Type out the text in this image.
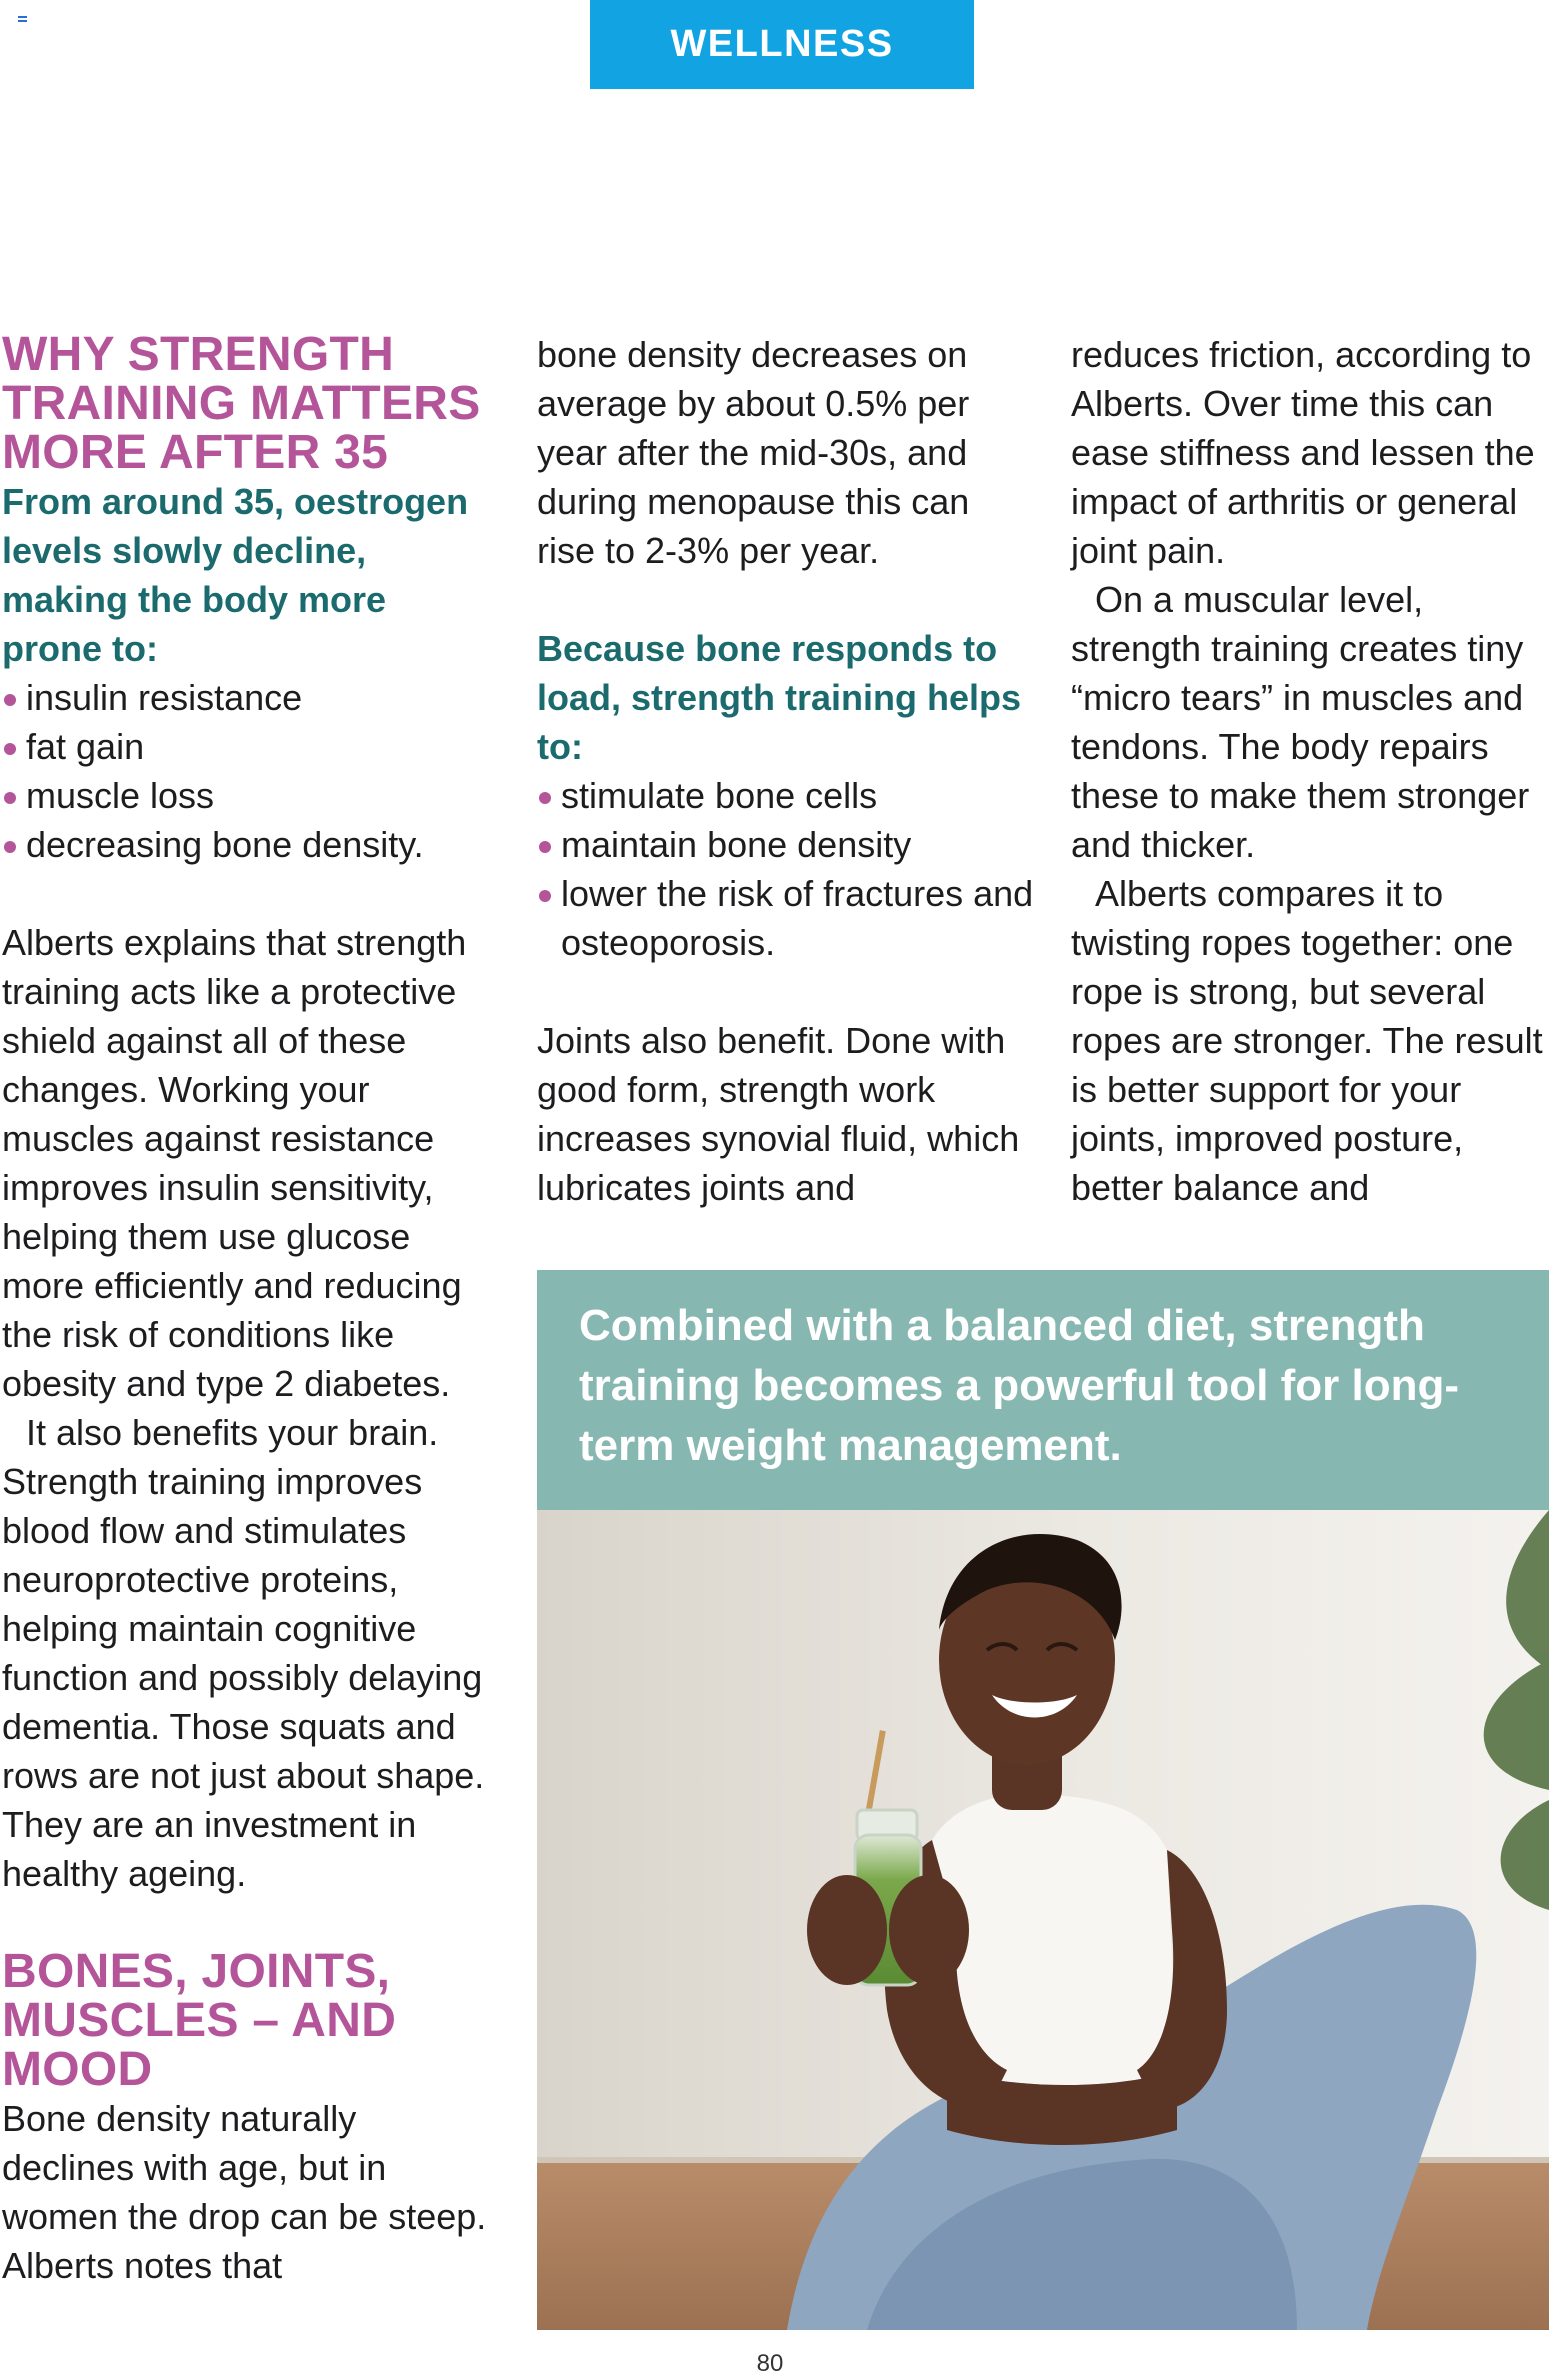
WELLNESS
WHY STRENGTH TRAINING MATTERS MORE AFTER 35

From around 35, oestrogen levels slowly decline, making the body more prone to:

insulin resistance
fat gain
muscle loss
decreasing bone density.

Alberts explains that strength training acts like a protective shield against all of these changes. Working your muscles against resistance improves insulin sensitivity, helping them use glucose more efficiently and reducing the risk of conditions like obesity and type 2 diabetes.

It also benefits your brain. Strength training improves blood flow and stimulates neuroprotective proteins, helping maintain cognitive function and possibly delaying dementia. Those squats and rows are not just about shape. They are an investment in healthy ageing.

BONES, JOINTS, MUSCLES – AND MOOD

Bone density naturally declines with age, but in women the drop can be steep. Alberts notes that

bone density decreases on average by about 0.5% per year after the mid-30s, and during menopause this can rise to 2-3% per year.

Because bone responds to load, strength training helps to:

stimulate bone cells
maintain bone density
lower the risk of fractures and osteoporosis.

Joints also benefit. Done with good form, strength work increases synovial fluid, which lubricates joints and

reduces friction, according to Alberts. Over time this can ease stiffness and lessen the impact of arthritis or general joint pain.

On a muscular level, strength training creates tiny “micro tears” in muscles and tendons. The body repairs these to make them stronger and thicker.

Alberts compares it to twisting ropes together: one rope is strong, but several ropes are stronger. The result is better support for your joints, improved posture, better balance and

Combined with a balanced diet, strength training becomes a powerful tool for long-term weight management.

80
